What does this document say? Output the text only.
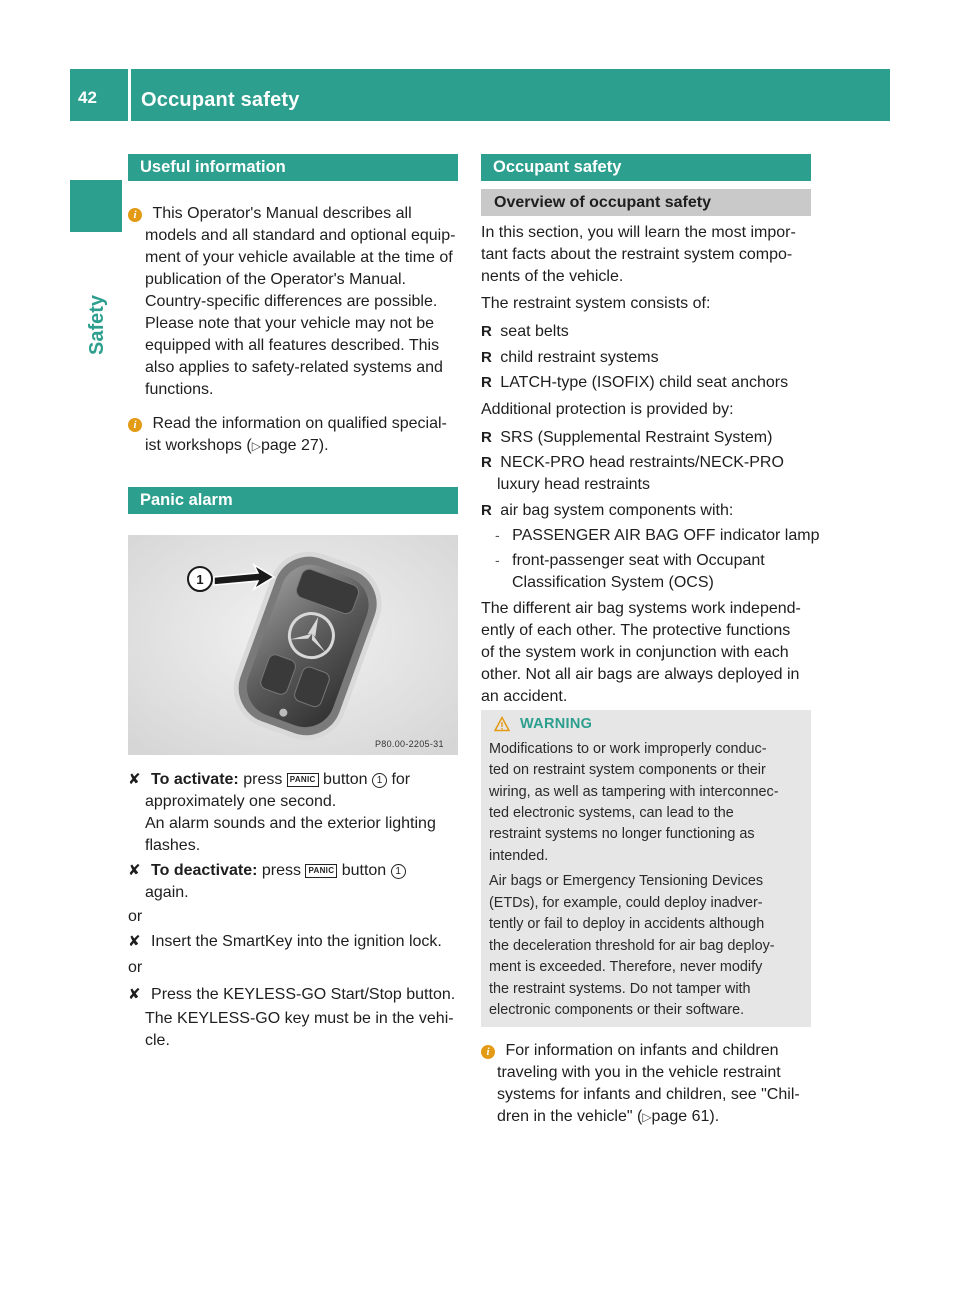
42 Occupant safety
Safety
Useful information
i This Operator's Manual describes all
models and all standard and optional equip-
ment of your vehicle available at the time of
publication of the Operator's Manual.
Country-specific differences are possible.
Please note that your vehicle may not be
equipped with all features described. This
also applies to safety-related systems and
functions.
i Read the information on qualified special-
ist workshops (▷page 27).
Panic alarm
1
P80.00-2205-31
✘ To activate: press PANIC button 1 for
approximately one second.
An alarm sounds and the exterior lighting
flashes.
✘ To deactivate: press PANIC button 1
again.
or
✘ Insert the SmartKey into the ignition lock.
or
✘ Press the KEYLESS-GO Start/Stop button.
The KEYLESS-GO key must be in the vehi-
cle.
Occupant safety
Overview of occupant safety
In this section, you will learn the most impor-
tant facts about the restraint system compo-
nents of the vehicle.
The restraint system consists of:
R seat belts
R child restraint systems
R LATCH-type (ISOFIX) child seat anchors
Additional protection is provided by:
R SRS (Supplemental Restraint System)
R NECK-PRO head restraints/NECK-PRO
luxury head restraints
R air bag system components with:
- PASSENGER AIR BAG OFF indicator lamp
- front-passenger seat with Occupant
Classification System (OCS)
The different air bag systems work independ-
ently of each other. The protective functions
of the system work in conjunction with each
other. Not all air bags are always deployed in
an accident.
WARNING
Modifications to or work improperly conduc-
ted on restraint system components or their
wiring, as well as tampering with interconnec-
ted electronic systems, can lead to the
restraint systems no longer functioning as
intended.
Air bags or Emergency Tensioning Devices
(ETDs), for example, could deploy inadver-
tently or fail to deploy in accidents although
the deceleration threshold for air bag deploy-
ment is exceeded. Therefore, never modify
the restraint systems. Do not tamper with
electronic components or their software.
i For information on infants and children
traveling with you in the vehicle restraint
systems for infants and children, see "Chil-
dren in the vehicle" (▷page 61).
